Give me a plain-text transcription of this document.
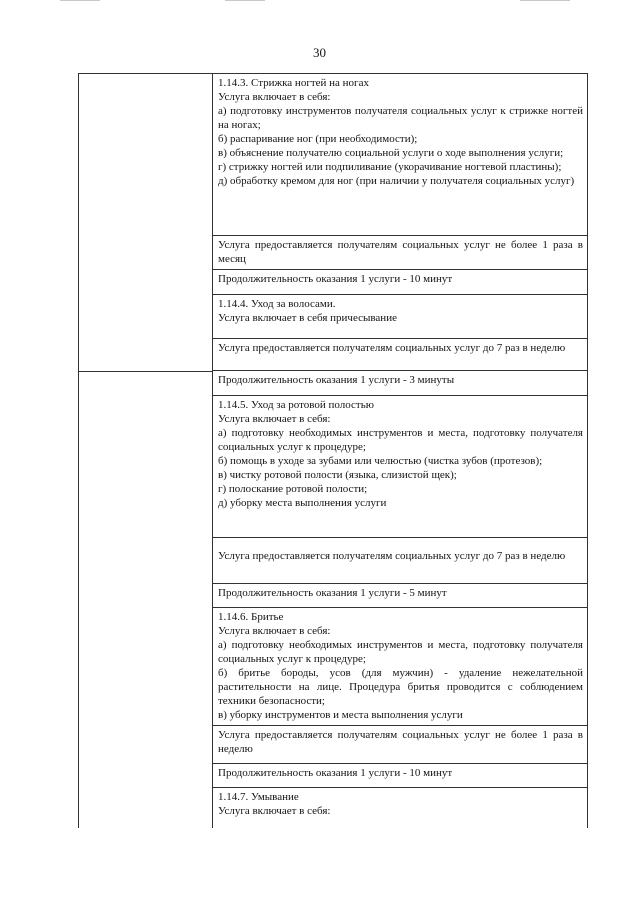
30
1.14.3. Стрижка ногтей на ногах
Услуга включает в себя:
а) подготовку инструментов получателя социальных услуг к стрижке ногтей на ногах;
б) распаривание ног (при необходимости);
в) объяснение получателю социальной услуги о ходе выполнения услуги;
г) стрижку ногтей или подпиливание (укорачивание ногтевой пластины);
д) обработку кремом для ног (при наличии у получателя социальных услуг)
Услуга предоставляется получателям социальных услуг не более 1 раза в месяц
Продолжительность оказания 1 услуги - 10 минут
1.14.4. Уход за волосами.
Услуга включает в себя причесывание
Услуга предоставляется получателям социальных услуг до 7 раз в неделю
Продолжительность оказания 1 услуги - 3 минуты
1.14.5. Уход за ротовой полостью
Услуга включает в себя:
а) подготовку необходимых инструментов и места, подготовку получателя социальных услуг к процедуре;
б) помощь в уходе за зубами или челюстью (чистка зубов (протезов);
в) чистку ротовой полости (языка, слизистой щек);
г) полоскание ротовой полости;
д) уборку места выполнения услуги
Услуга предоставляется получателям социальных услуг до 7 раз в неделю
Продолжительность оказания 1 услуги - 5 минут
1.14.6. Бритье
Услуга включает в себя:
а) подготовку необходимых инструментов и места, подготовку получателя социальных услуг к процедуре;
б) бритье бороды, усов (для мужчин) - удаление нежелательной растительности на лице. Процедура бритья проводится с соблюдением техники безопасности;
в) уборку инструментов и места выполнения услуги
Услуга предоставляется получателям социальных услуг не более 1 раза в неделю
Продолжительность оказания 1 услуги - 10 минут
1.14.7. Умывание
Услуга включает в себя:
